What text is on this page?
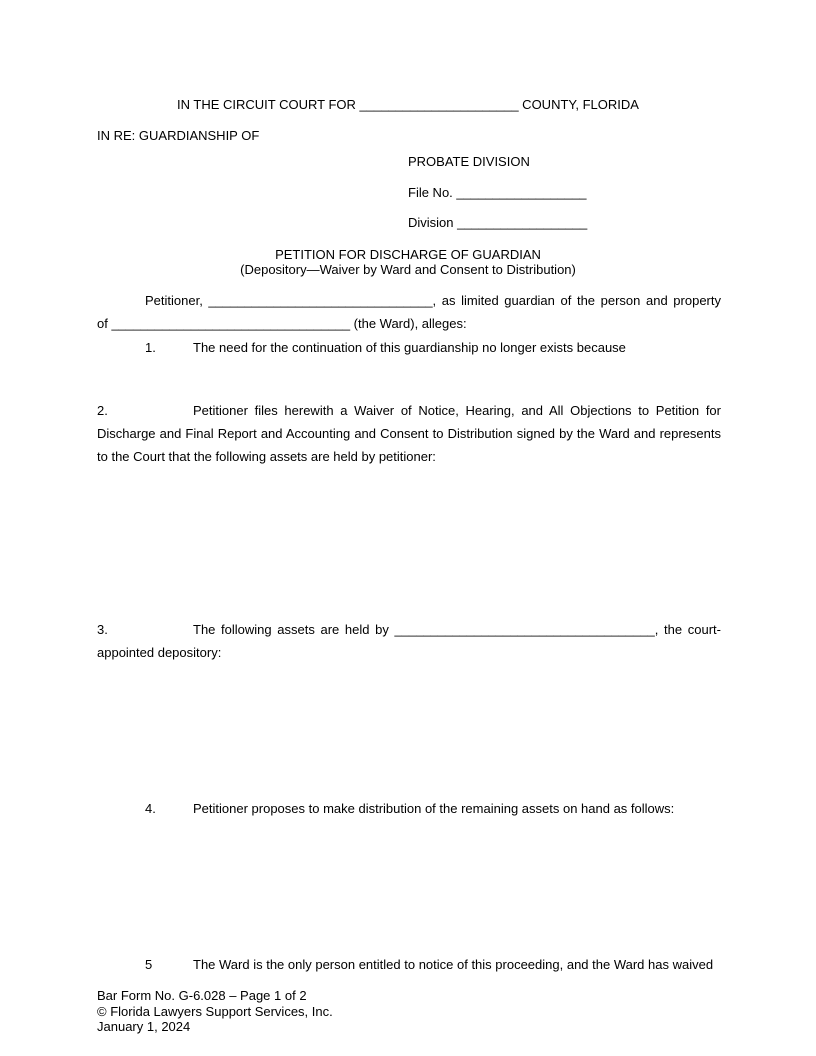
IN THE CIRCUIT COURT FOR ______________________ COUNTY, FLORIDA
IN RE: GUARDIANSHIP OF
PROBATE DIVISION
File No. __________________
Division __________________
PETITION FOR DISCHARGE OF GUARDIAN
(Depository—Waiver by Ward and Consent to Distribution)

Petitioner, _______________________________, as limited guardian of the person and property

of _________________________________ (the Ward), alleges:

1.	The need for the continuation of this guardianship no longer exists because

2.	Petitioner files herewith a Waiver of Notice, Hearing, and All Objections to Petition for

Discharge and Final Report and Accounting and Consent to Distribution signed by the Ward and represents

to the Court that the following assets are held by petitioner:

3.	The following assets are held by ____________________________________, the court-

appointed depository:

4.	Petitioner proposes to make distribution of the remaining assets on hand as follows:
5	The Ward is the only person entitled to notice of this proceeding, and the Ward has waived
Bar Form No. G-6.028 – Page 1 of 2
© Florida Lawyers Support Services, Inc.
January 1, 2024
